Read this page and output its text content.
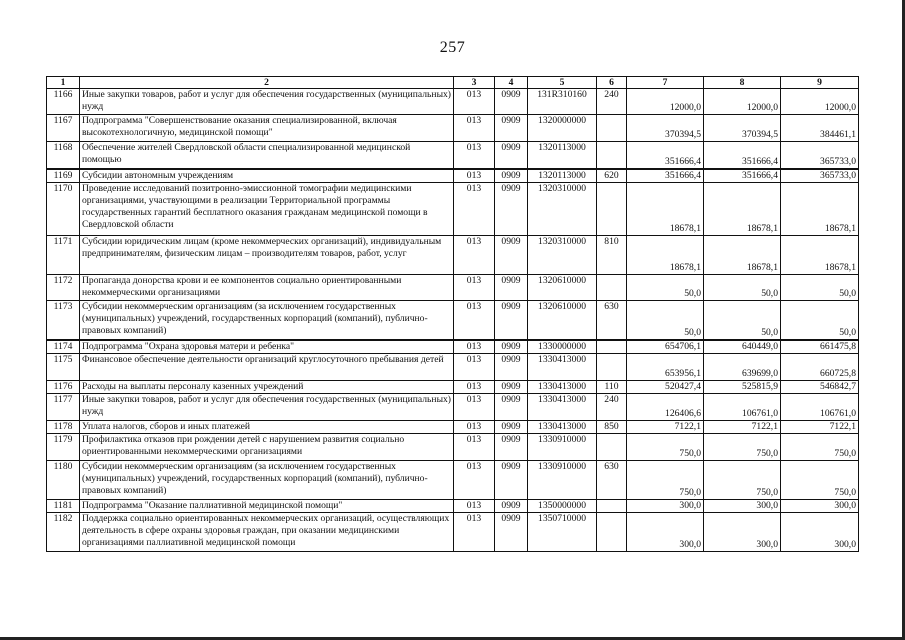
257
1	2	3	4	5	6	7	8	9
1166	Иные закупки товаров, работ и услуг для обеспечения государственных (муниципальных) нужд	013	0909	131R310160	240	12000,0	12000,0	12000,0
1167	Подпрограмма "Совершенствование оказания специализированной, включая высокотехнологичную, медицинской помощи"	013	0909	1320000000		370394,5	370394,5	384461,1
1168	Обеспечение жителей Свердловской области специализированной медицинской помощью	013	0909	1320113000		351666,4	351666,4	365733,0
1169	Субсидии автономным учреждениям	013	0909	1320113000	620	351666,4	351666,4	365733,0
1170	Проведение исследований позитронно-эмиссионной томографии медицинскими организациями, участвующими в реализации Территориальной программы государственных гарантий бесплатного оказания гражданам медицинской помощи в Свердловской области	013	0909	1320310000		18678,1	18678,1	18678,1
1171	Субсидии юридическим лицам (кроме некоммерческих организаций), индивидуальным предпринимателям, физическим лицам – производителям товаров, работ, услуг	013	0909	1320310000	810	18678,1	18678,1	18678,1
1172	Пропаганда донорства крови и ее компонентов социально ориентированными некоммерческими организациями	013	0909	1320610000		50,0	50,0	50,0
1173	Субсидии некоммерческим организациям (за исключением государственных (муниципальных) учреждений, государственных корпораций (компаний), публично-правовых компаний)	013	0909	1320610000	630	50,0	50,0	50,0
1174	Подпрограмма "Охрана здоровья матери и ребенка"	013	0909	1330000000		654706,1	640449,0	661475,8
1175	Финансовое обеспечение деятельности организаций круглосуточного пребывания детей	013	0909	1330413000		653956,1	639699,0	660725,8
1176	Расходы на выплаты персоналу казенных учреждений	013	0909	1330413000	110	520427,4	525815,9	546842,7
1177	Иные закупки товаров, работ и услуг для обеспечения государственных (муниципальных) нужд	013	0909	1330413000	240	126406,6	106761,0	106761,0
1178	Уплата налогов, сборов и иных платежей	013	0909	1330413000	850	7122,1	7122,1	7122,1
1179	Профилактика отказов при рождении детей с нарушением развития социально ориентированными некоммерческими организациями	013	0909	1330910000		750,0	750,0	750,0
1180	Субсидии некоммерческим организациям (за исключением государственных (муниципальных) учреждений, государственных корпораций (компаний), публично-правовых компаний)	013	0909	1330910000	630	750,0	750,0	750,0
1181	Подпрограмма "Оказание паллиативной медицинской помощи"	013	0909	1350000000		300,0	300,0	300,0
1182	Поддержка социально ориентированных некоммерческих организаций, осуществляющих деятельность в сфере охраны здоровья граждан, при оказании медицинскими организациями паллиативной медицинской помощи	013	0909	1350710000		300,0	300,0	300,0
